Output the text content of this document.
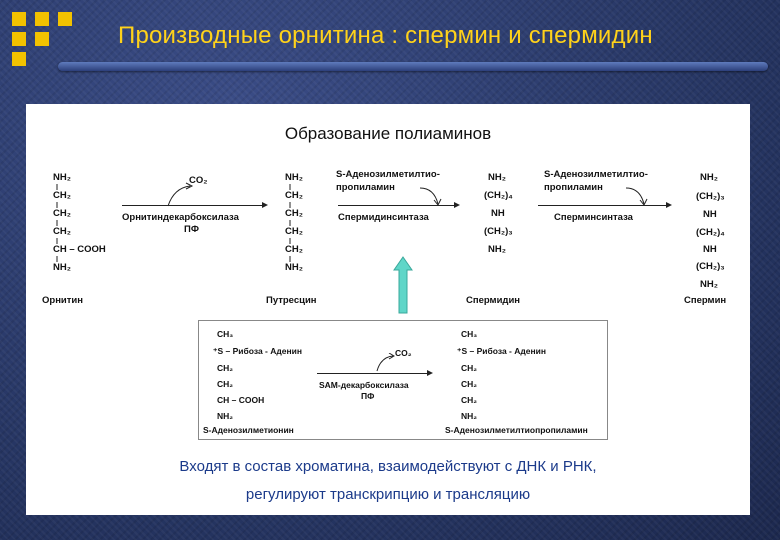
Производные орнитина : спермин и спермидин
Образование полиаминов
NH₂
CH₂
CH₂
CH₂
CH – COOH
NH₂
Орнитин
CO₂
Орнитиндекарбоксилаза
ПФ
NH₂
CH₂
CH₂
CH₂
CH₂
NH₂
Путресцин
S-Аденозилметилтио-
пропиламин
Спермидинсинтаза
NH₂
(CH₂)₄
NH
(CH₂)₃
NH₂
Спермидин
S-Аденозилметилтио-
пропиламин
Сперминсинтаза
NH₂
(CH₂)₃
NH
(CH₂)₄
NH
(CH₂)₃
NH₂
Спермин
CH₃
⁺S – Рибоза - Аденин
CH₂
CH₂
CH – COOH
NH₂
S-Аденозилметионин
CO₂
SAM-декарбоксилаза
ПФ
CH₃
⁺S – Рибоза - Аденин
CH₂
CH₂
CH₂
NH₂
S-Аденозилметилтиопропиламин
Входят в состав хроматина, взаимодействуют с ДНК и РНК,
регулируют транскрипцию и трансляцию
